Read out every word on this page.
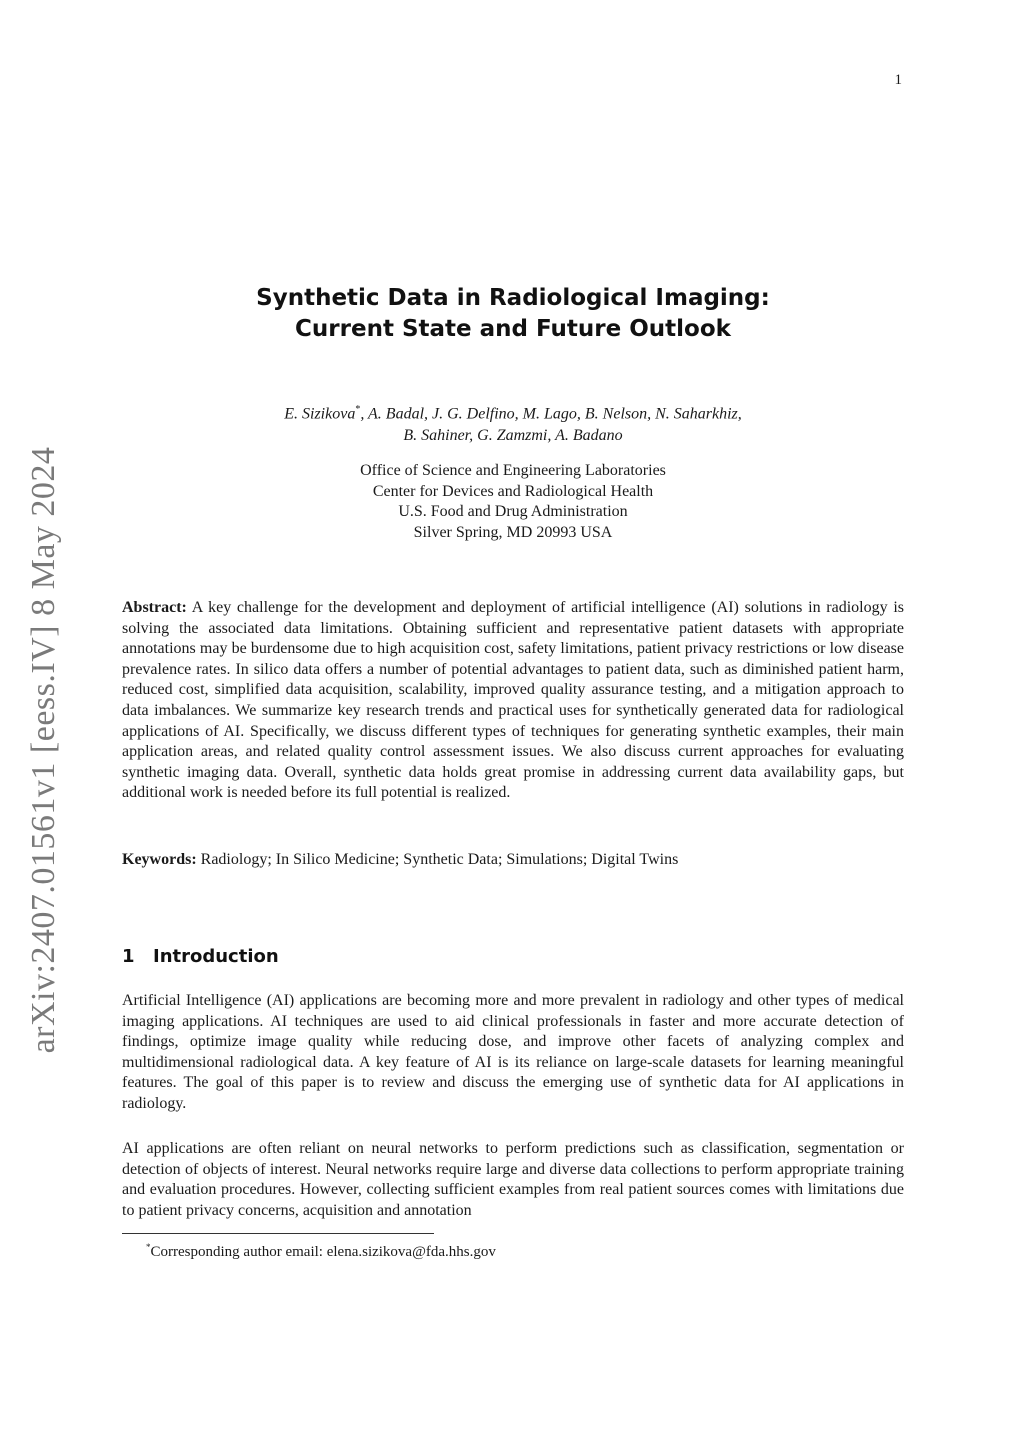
1
arXiv:2407.01561v1 [eess.IV] 8 May 2024
Synthetic Data in Radiological Imaging:
Current State and Future Outlook
E. Sizikova*, A. Badal, J. G. Delfino, M. Lago, B. Nelson, N. Saharkhiz,
B. Sahiner, G. Zamzmi, A. Badano
Office of Science and Engineering Laboratories
Center for Devices and Radiological Health
U.S. Food and Drug Administration
Silver Spring, MD 20993 USA
Abstract: A key challenge for the development and deployment of artificial intelligence (AI) solutions in radiology is solving the associated data limitations. Obtaining sufficient and representative patient datasets with appropriate annotations may be burdensome due to high acquisition cost, safety limitations, patient privacy restrictions or low disease prevalence rates. In silico data offers a number of potential advantages to patient data, such as diminished patient harm, reduced cost, simplified data acquisition, scalability, improved quality assurance testing, and a mitigation approach to data imbalances. We summarize key research trends and practical uses for synthetically generated data for radiological applications of AI. Specifically, we discuss different types of techniques for generating synthetic examples, their main application areas, and related quality control assessment issues. We also discuss current approaches for evaluating synthetic imaging data. Overall, synthetic data holds great promise in addressing current data availability gaps, but additional work is needed before its full potential is realized.
Keywords: Radiology; In Silico Medicine; Synthetic Data; Simulations; Digital Twins
1 Introduction
Artificial Intelligence (AI) applications are becoming more and more prevalent in radiology and other types of medical imaging applications. AI techniques are used to aid clinical professionals in faster and more accurate detection of findings, optimize image quality while reducing dose, and improve other facets of analyzing complex and multidimensional radiological data. A key feature of AI is its reliance on large-scale datasets for learning meaningful features. The goal of this paper is to review and discuss the emerging use of synthetic data for AI applications in radiology.
AI applications are often reliant on neural networks to perform predictions such as classification, segmentation or detection of objects of interest. Neural networks require large and diverse data collections to perform appropriate training and evaluation procedures. However, collecting sufficient examples from real patient sources comes with limitations due to patient privacy concerns, acquisition and annotation
*Corresponding author email: elena.sizikova@fda.hhs.gov
